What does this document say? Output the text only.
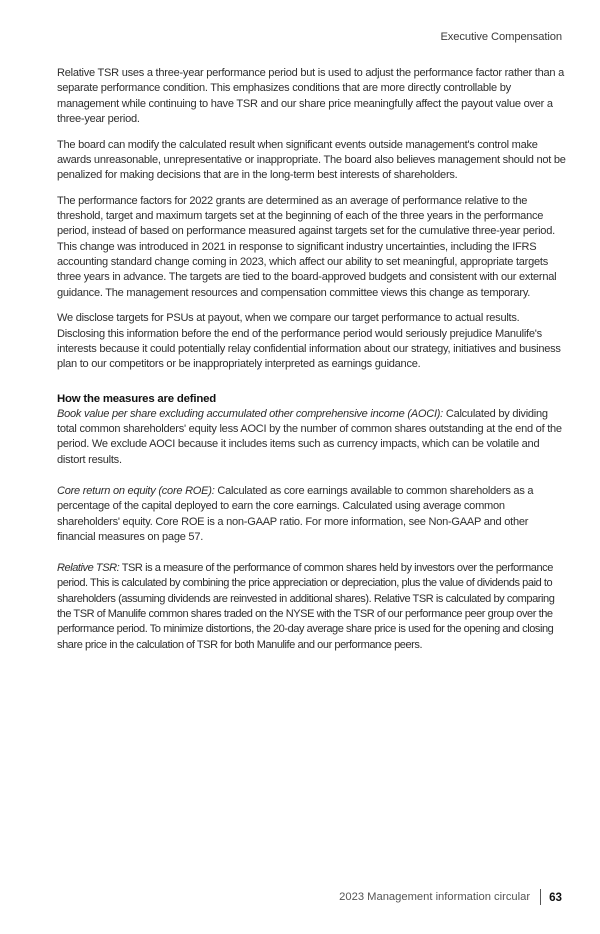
Executive Compensation

Relative TSR uses a three-year performance period but is used to adjust the performance factor rather than a separate performance condition. This emphasizes conditions that are more directly controllable by management while continuing to have TSR and our share price meaningfully affect the payout value over a three-year period.

The board can modify the calculated result when significant events outside management's control make awards unreasonable, unrepresentative or inappropriate. The board also believes management should not be penalized for making decisions that are in the long-term best interests of shareholders.

The performance factors for 2022 grants are determined as an average of performance relative to the threshold, target and maximum targets set at the beginning of each of the three years in the performance period, instead of based on performance measured against targets set for the cumulative three-year period. This change was introduced in 2021 in response to significant industry uncertainties, including the IFRS accounting standard change coming in 2023, which affect our ability to set meaningful, appropriate targets three years in advance. The targets are tied to the board-approved budgets and consistent with our external guidance. The management resources and compensation committee views this change as temporary.

We disclose targets for PSUs at payout, when we compare our target performance to actual results. Disclosing this information before the end of the performance period would seriously prejudice Manulife's interests because it could potentially relay confidential information about our strategy, initiatives and business plan to our competitors or be inappropriately interpreted as earnings guidance.

How the measures are defined

Book value per share excluding accumulated other comprehensive income (AOCI): Calculated by dividing total common shareholders' equity less AOCI by the number of common shares outstanding at the end of the period. We exclude AOCI because it includes items such as currency impacts, which can be volatile and distort results.

Core return on equity (core ROE): Calculated as core earnings available to common shareholders as a percentage of the capital deployed to earn the core earnings. Calculated using average common shareholders' equity. Core ROE is a non-GAAP ratio. For more information, see Non-GAAP and other financial measures on page 57.

Relative TSR: TSR is a measure of the performance of common shares held by investors over the performance period. This is calculated by combining the price appreciation or depreciation, plus the value of dividends paid to shareholders (assuming dividends are reinvested in additional shares). Relative TSR is calculated by comparing the TSR of Manulife common shares traded on the NYSE with the TSR of our performance peer group over the performance period. To minimize distortions, the 20-day average share price is used for the opening and closing share price in the calculation of TSR for both Manulife and our performance peers.

2023 Management information circular 63
